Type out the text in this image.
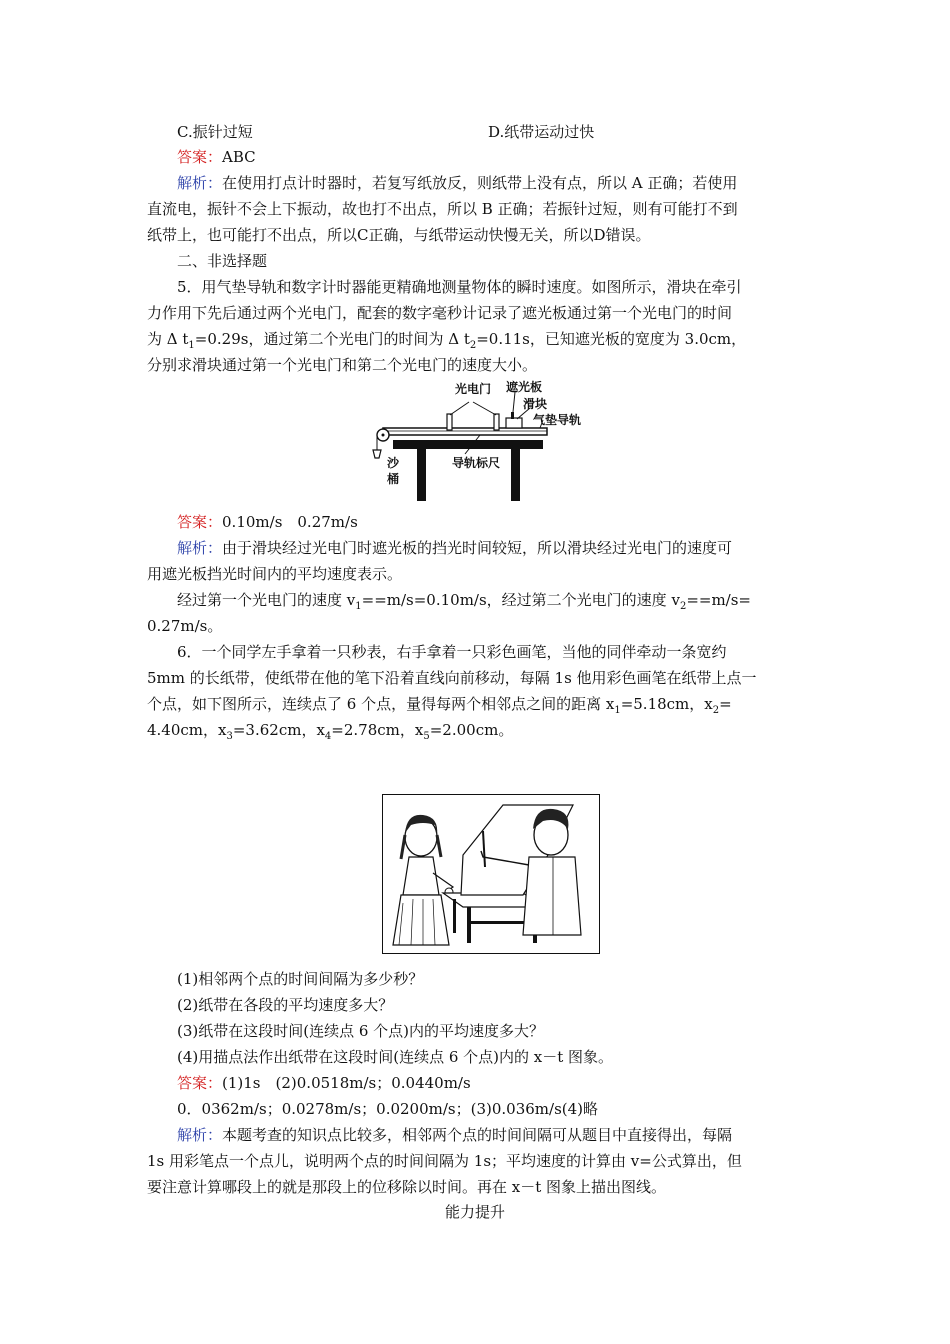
C.振针过短	D.纸带运动过快
答案：ABC
解析：在使用打点计时器时，若复写纸放反，则纸带上没有点，所以 A 正确；若使用
直流电，振针不会上下振动，故也打不出点，所以 B 正确；若振针过短，则有可能打不到
纸带上，也可能打不出点，所以C正确，与纸带运动快慢无关，所以D错误。
二、非选择题
5．用气垫导轨和数字计时器能更精确地测量物体的瞬时速度。如图所示，滑块在牵引
力作用下先后通过两个光电门，配套的数字毫秒计记录了遮光板通过第一个光电门的时间
为 Δ $t_1=0.29s$，通过第二个光电门的时间为 Δ $t_2=0.11s$，已知遮光板的宽度为 3.0cm，
分别求滑块通过第一个光电门和第二个光电门的速度大小。
光电门 遮光板
滑块
气垫导轨
沙
桶
导轨标尺
答案：0.10m/s　0.27m/s
解析：由于滑块经过光电门时遮光板的挡光时间较短，所以滑块经过光电门的速度可
用遮光板挡光时间内的平均速度表示。
经过第一个光电门的速度 $v_1==m/s=0.10m/s$，经过第二个光电门的速度 $v_2==m/s=$
0.27m/s。
6．一个同学左手拿着一只秒表，右手拿着一只彩色画笔，当他的同伴牵动一条宽约
5mm 的长纸带，使纸带在他的笔下沿着直线向前移动，每隔 1s 他用彩色画笔在纸带上点一
个点，如下图所示，连续点了 6 个点，量得每两个相邻点之间的距离 $x_1=5.18cm$，$x_2=$
4.40cm，$x_3=3.62cm$，$x_4=2.78cm$，$x_5=2.00cm$。
(1)相邻两个点的时间间隔为多少秒？
(2)纸带在各段的平均速度多大？
(3)纸带在这段时间(连续点 6 个点)内的平均速度多大？
(4)用描点法作出纸带在这段时间(连续点 6 个点)内的 x－t 图象。
答案：(1)1s　(2)0.0518m/s；0.0440m/s
0．0362m/s；0.0278m/s；0.0200m/s；(3)0.036m/s(4)略
解析：本题考查的知识点比较多，相邻两个点的时间间隔可从题目中直接得出，每隔
1s 用彩笔点一个点儿，说明两个点的时间间隔为 1s；平均速度的计算由 v=公式算出，但
要注意计算哪段上的就是那段上的位移除以时间。再在 x－t 图象上描出图线。
能力提升
